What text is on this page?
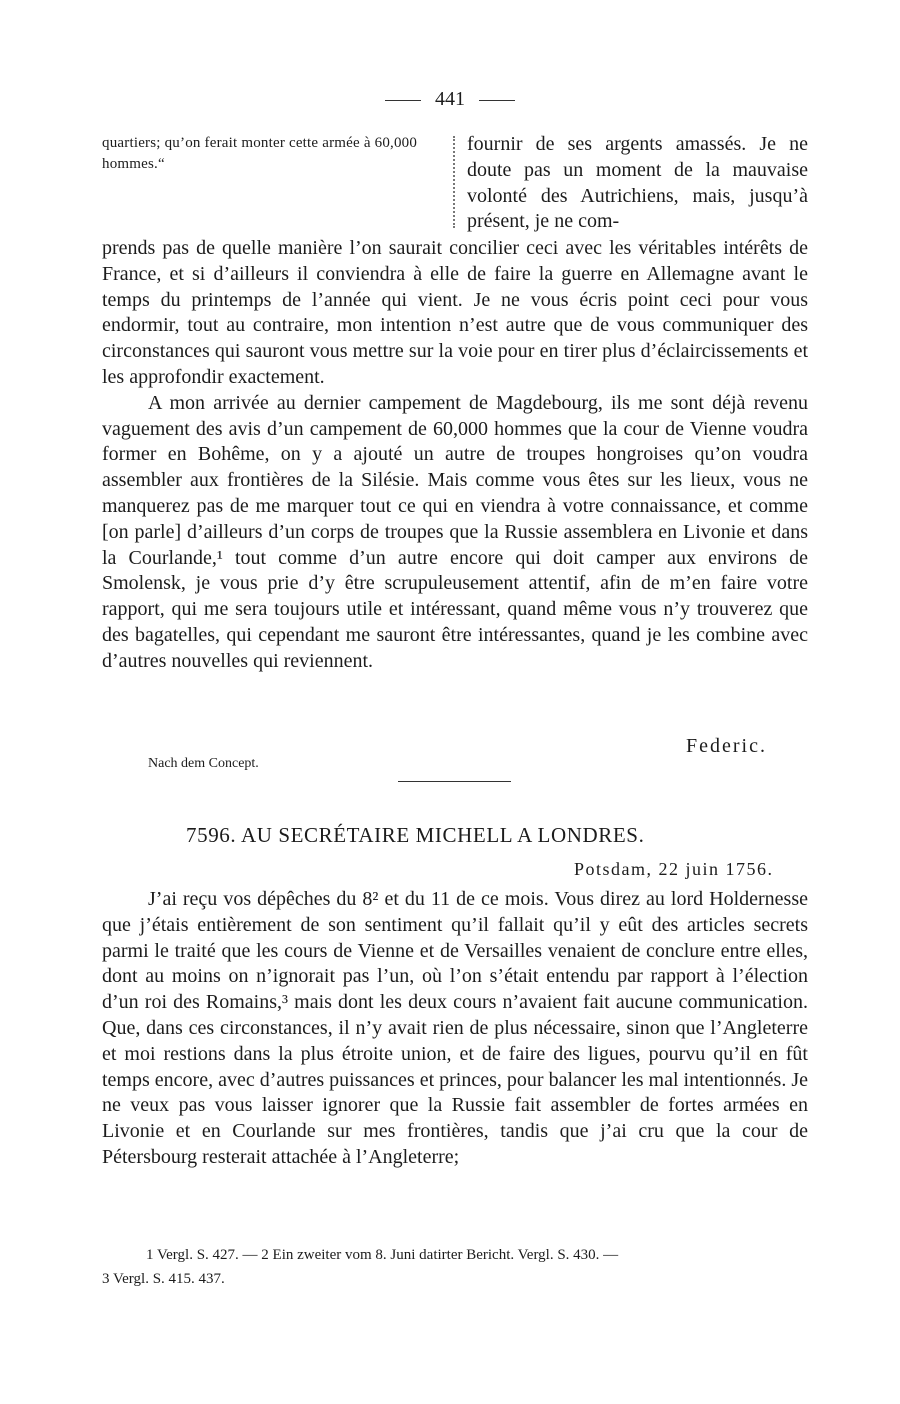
441
quartiers; qu’on ferait monter cette armée à 60,000 hommes.“
fournir de ses argents amassés. Je ne doute pas un moment de la mauvaise volonté des Autrichiens, mais, jusqu’à présent, je ne com-

prends pas de quelle manière l’on saurait concilier ceci avec les véritables intérêts de France, et si d’ailleurs il conviendra à elle de faire la guerre en Allemagne avant le temps du printemps de l’année qui vient. Je ne vous écris point ceci pour vous endormir, tout au contraire, mon intention n’est autre que de vous communiquer des circonstances qui sauront vous mettre sur la voie pour en tirer plus d’éclaircissements et les approfondir exactement.

A mon arrivée au dernier campement de Magdebourg, ils me sont déjà revenu vaguement des avis d’un campement de 60,000 hommes que la cour de Vienne voudra former en Bohême, on y a ajouté un autre de troupes hongroises qu’on voudra assembler aux frontières de la Silésie. Mais comme vous êtes sur les lieux, vous ne manquerez pas de me marquer tout ce qui en viendra à votre connaissance, et comme [on parle] d’ailleurs d’un corps de troupes que la Russie assemblera en Livonie et dans la Courlande,¹ tout comme d’un autre encore qui doit camper aux environs de Smolensk, je vous prie d’y être scrupuleusement attentif, afin de m’en faire votre rapport, qui me sera toujours utile et intéressant, quand même vous n’y trouverez que des bagatelles, qui cependant me sauront être intéressantes, quand je les combine avec d’autres nouvelles qui reviennent.

Federic.
Nach dem Concept.
7596. AU SECRÉTAIRE MICHELL A LONDRES.
Potsdam, 22 juin 1756.

J’ai reçu vos dépêches du 8² et du 11 de ce mois. Vous direz au lord Holdernesse que j’étais entièrement de son sentiment qu’il fallait qu’il y eût des articles secrets parmi le traité que les cours de Vienne et de Versailles venaient de conclure entre elles, dont au moins on n’ignorait pas l’un, où l’on s’était entendu par rapport à l’élection d’un roi des Romains,³ mais dont les deux cours n’avaient fait aucune communication. Que, dans ces circonstances, il n’y avait rien de plus nécessaire, sinon que l’Angleterre et moi restions dans la plus étroite union, et de faire des ligues, pourvu qu’il en fût temps encore, avec d’autres puissances et princes, pour balancer les mal intentionnés. Je ne veux pas vous laisser ignorer que la Russie fait assembler de fortes armées en Livonie et en Courlande sur mes frontières, tandis que j’ai cru que la cour de Pétersbourg resterait attachée à l’Angleterre;

1 Vergl. S. 427. — 2 Ein zweiter vom 8. Juni datirter Bericht. Vergl. S. 430. —
3 Vergl. S. 415. 437.
